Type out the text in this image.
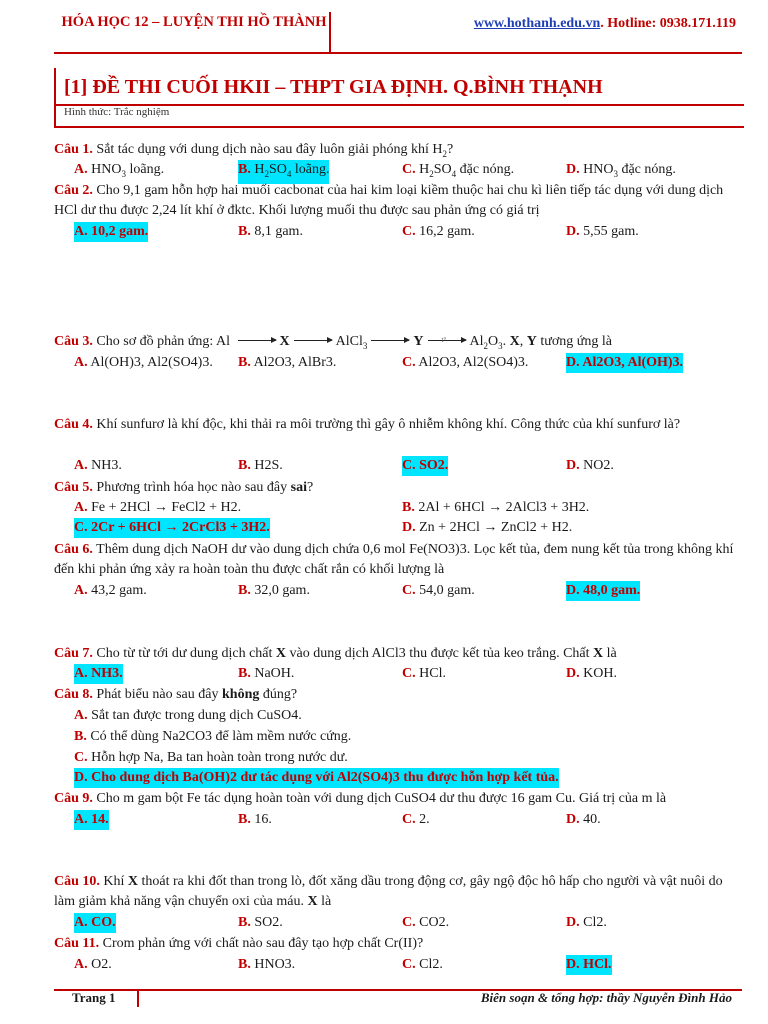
HÓA HỌC 12 – LUYỆN THI HỒ THÀNH	www.hothanh.edu.vn. Hotline: 0938.171.119
[1] ĐỀ THI CUỐI HKII – THPT GIA ĐỊNH. Q.BÌNH THẠNH
Hình thức: Trắc nghiệm
Câu 1. Sắt tác dụng với dung dịch nào sau đây luôn giải phóng khí $H_2$?
A. $HNO_3$ loãng.	B. $H_2SO_4$ loãng.	C. $H_2SO_4$ đặc nóng.	D. $HNO_3$ đặc nóng.
Câu 2. Cho 9,1 gam hỗn hợp hai muối cacbonat của hai kim loại kiềm thuộc hai chu kì liên tiếp tác dụng với dung dịch HCl dư thu được 2,24 lít khí ở đktc. Khối lượng muối thu được sau phản ứng có giá trị
A. 10,2 gam.	B. 8,1 gam.	C. 16,2 gam.	D. 5,55 gam.
Câu 3. Cho sơ đồ phản ứng: Al	X	AlCl$_3$	Y	t° $Al_2O_3$. X, Y tương ứng là
A. Al(OH)3, Al2(SO4)3. B. Al2O3, AlBr3.	C. Al2O3, Al2(SO4)3.	D. Al2O3, Al(OH)3.
Câu 4. Khí sunfurơ là khí độc, khi thải ra môi trường thì gây ô nhiễm không khí. Công thức của khí sunfurơ là?
A. NH3.	B. H2S.	C. SO2.	D. NO2.
Câu 5. Phương trình hóa học nào sau đây sai?
A. Fe + 2HCl → FeCl2 + H2.	B. 2Al + 6HCl → 2AlCl3 + 3H2.
C. 2Cr + 6HCl → 2CrCl3 + 3H2.	D. Zn + 2HCl → ZnCl2 + H2.
Câu 6. Thêm dung dịch NaOH dư vào dung dịch chứa 0,6 mol Fe(NO3)3. Lọc kết tủa, đem nung kết tủa trong không khí đến khi phản ứng xảy ra hoàn toàn thu được chất rắn có khối lượng là
A. 43,2 gam.	B. 32,0 gam.	C. 54,0 gam.	D. 48,0 gam.
Câu 7. Cho từ từ tới dư dung dịch chất X vào dung dịch AlCl3 thu được kết tủa keo trắng. Chất X là
A. NH3.	B. NaOH.	C. HCl.	D. KOH.
Câu 8. Phát biểu nào sau đây không đúng?
A. Sắt tan được trong dung dịch CuSO4.
B. Có thể dùng Na2CO3 để làm mềm nước cứng.
C. Hỗn hợp Na, Ba tan hoàn toàn trong nước dư.
D. Cho dung dịch Ba(OH)2 dư tác dụng với Al2(SO4)3 thu được hỗn hợp kết tủa.
Câu 9. Cho m gam bột Fe tác dụng hoàn toàn với dung dịch CuSO4 dư thu được 16 gam Cu. Giá trị của m là
A. 14.	B. 16.	C. 2.	D. 40.
Câu 10. Khí X thoát ra khi đốt than trong lò, đốt xăng dầu trong động cơ, gây ngộ độc hô hấp cho người và vật nuôi do làm giảm khả năng vận chuyển oxi của máu. X là
A. CO.	B. SO2.	C. CO2.	D. Cl2.
Câu 11. Crom phản ứng với chất nào sau đây tạo hợp chất Cr(II)?
A. O2.	B. HNO3.	C. Cl2.	D. HCl.
Trang 1	Biên soạn & tổng hợp: thầy Nguyễn Đình Hảo
